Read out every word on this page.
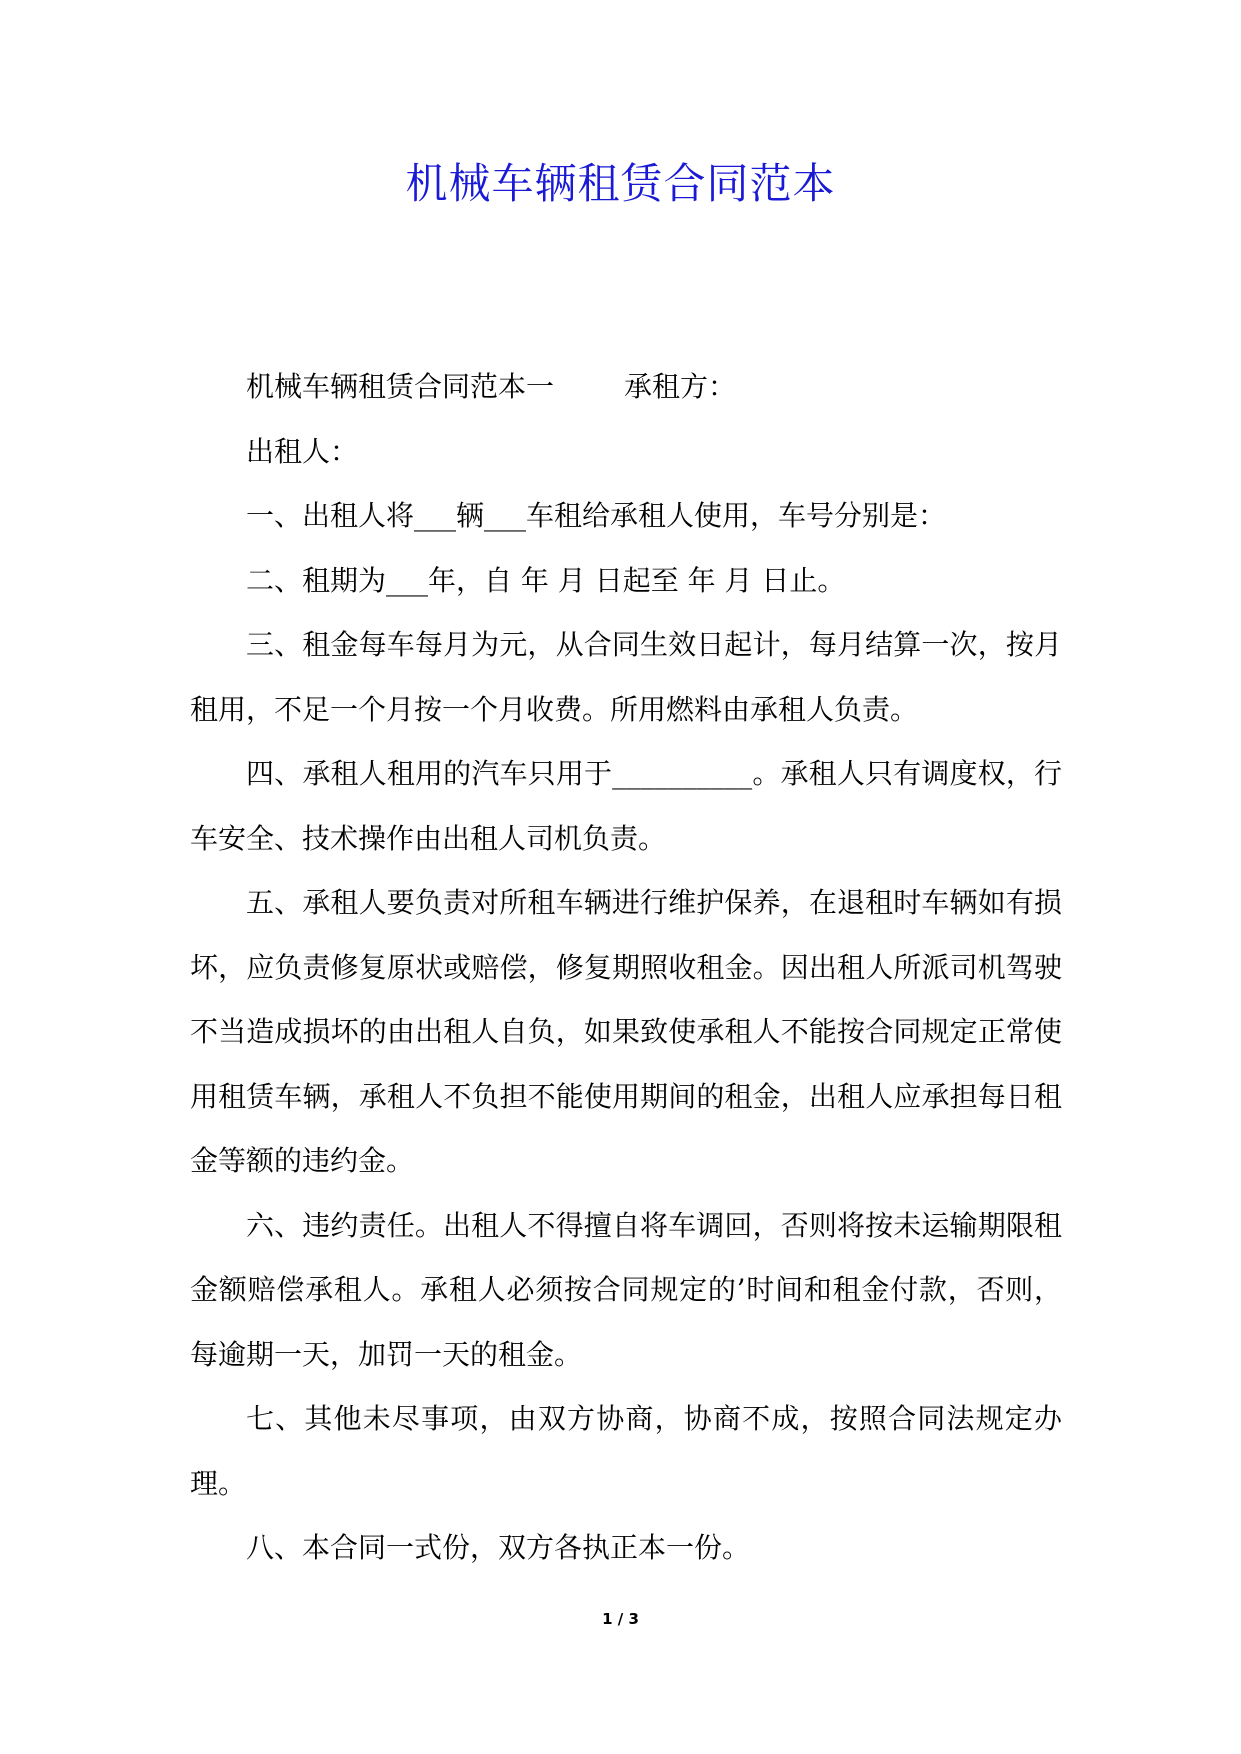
机械车辆租赁合同范本

机械车辆租赁合同范本一	承租方：

出租人：

一、出租人将___辆___车租给承租人使用，车号分别是：

二、租期为___年，自 年 月 日起至 年 月 日止。

三、租金每车每月为元，从合同生效日起计，每月结算一次，按月租用，不足一个月按一个月收费。所用燃料由承租人负责。

四、承租人租用的汽车只用于__________。承租人只有调度权，行车安全、技术操作由出租人司机负责。

五、承租人要负责对所租车辆进行维护保养，在退租时车辆如有损坏，应负责修复原状或赔偿，修复期照收租金。因出租人所派司机驾驶不当造成损坏的由出租人自负，如果致使承租人不能按合同规定正常使用租赁车辆，承租人不负担不能使用期间的租金，出租人应承担每日租金等额的违约金。

六、违约责任。出租人不得擅自将车调回，否则将按未运输期限租金额赔偿承租人。承租人必须按合同规定的’时间和租金付款，否则，每逾期一天，加罚一天的租金。

七、其他未尽事项，由双方协商，协商不成，按照合同法规定办理。

八、本合同一式份，双方各执正本一份。

1 / 3
